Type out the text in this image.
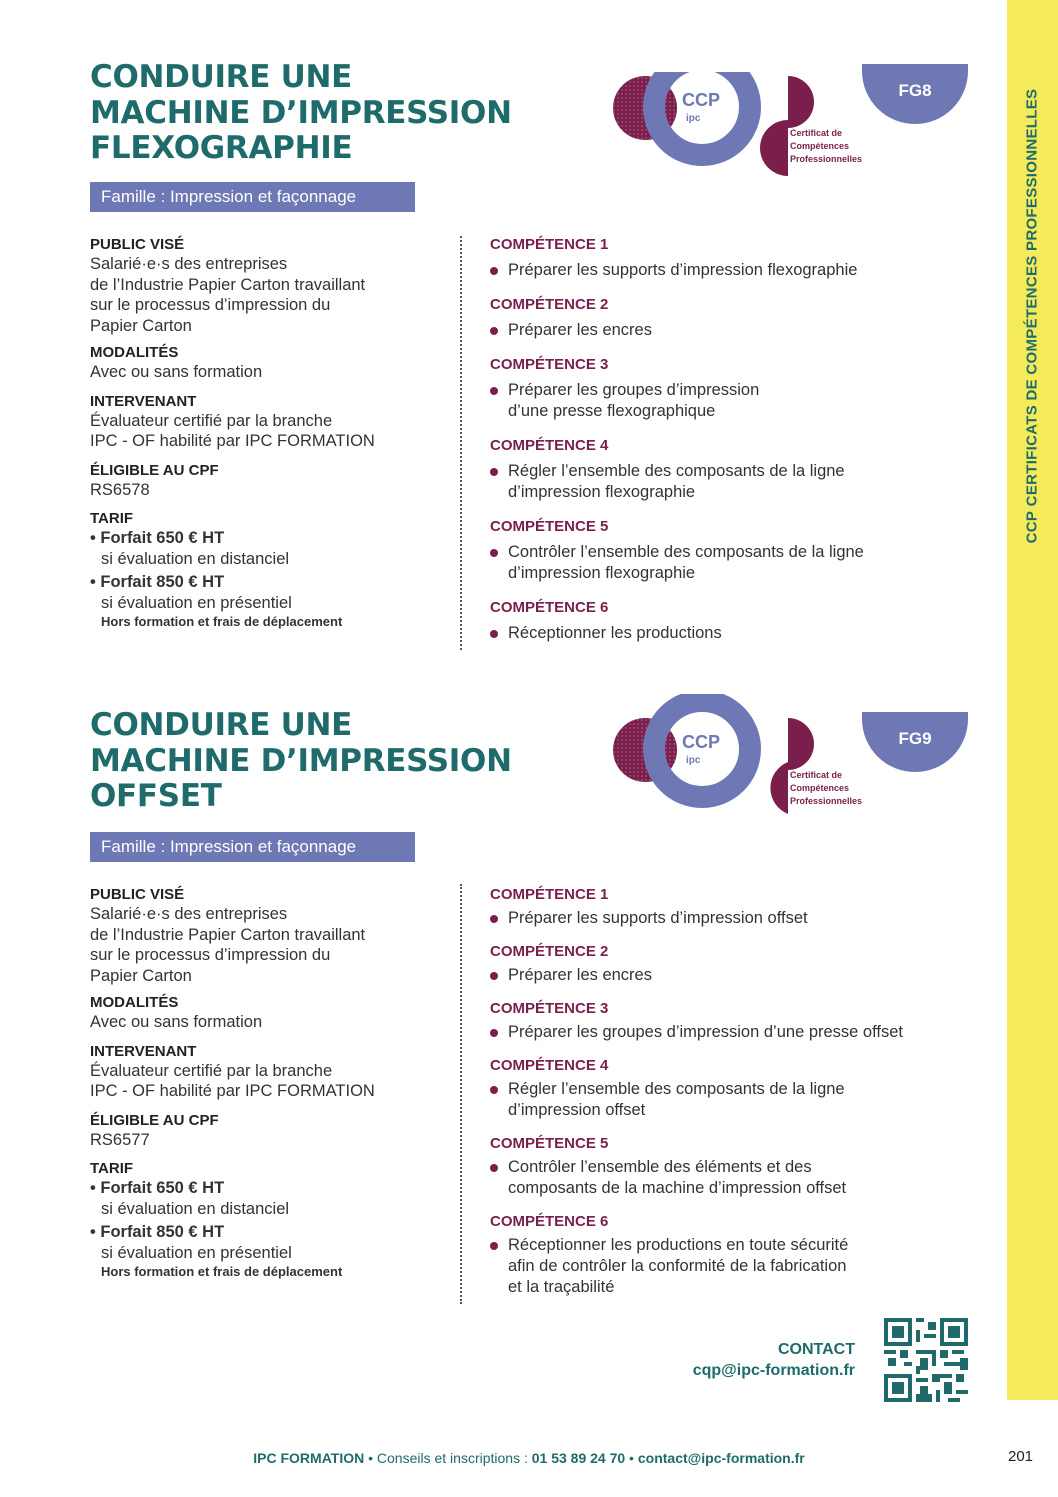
CCP CERTIFICATS DE COMPÉTENCES PROFESSIONNELLES
CONDUIRE UNE
MACHINE D’IMPRESSION
FLEXOGRAPHIE
CCP
ipc
Certificat de
Compétences
Professionnelles
FG8
Famille : Impression et façonnage

PUBLIC VISÉ

Salarié·e·s des entreprises

de l’Industrie Papier Carton travaillant

sur le processus d’impression du

Papier Carton

MODALITÉS

Avec ou sans formation

INTERVENANT

Évaluateur certifié par la branche

IPC - OF habilité par IPC FORMATION

ÉLIGIBLE AU CPF

RS6578

TARIF

• Forfait 650 € HT

si évaluation en distanciel

• Forfait 850 € HT

si évaluation en présentiel

Hors formation et frais de déplacement

COMPÉTENCE 1

Préparer les supports d’impression flexographie

COMPÉTENCE 2

Préparer les encres

COMPÉTENCE 3

Préparer les groupes d’impression
d’une presse flexographique

COMPÉTENCE 4

Régler l’ensemble des composants de la ligne
d’impression flexographie

COMPÉTENCE 5

Contrôler l’ensemble des composants de la ligne
d’impression flexographie

COMPÉTENCE 6

Réceptionner les productions

CONDUIRE UNE
MACHINE D’IMPRESSION
OFFSET
CCP
ipc
Certificat de
Compétences
Professionnelles
FG9
Famille : Impression et façonnage

PUBLIC VISÉ

Salarié·e·s des entreprises

de l’Industrie Papier Carton travaillant

sur le processus d’impression du

Papier Carton

MODALITÉS

Avec ou sans formation

INTERVENANT

Évaluateur certifié par la branche

IPC - OF habilité par IPC FORMATION

ÉLIGIBLE AU CPF

RS6577

TARIF

• Forfait 650 € HT

si évaluation en distanciel

• Forfait 850 € HT

si évaluation en présentiel

Hors formation et frais de déplacement

COMPÉTENCE 1

Préparer les supports d’impression offset

COMPÉTENCE 2

Préparer les encres

COMPÉTENCE 3

Préparer les groupes d’impression d’une presse offset

COMPÉTENCE 4

Régler l’ensemble des composants de la ligne
d’impression offset

COMPÉTENCE 5

Contrôler l’ensemble des éléments et des
composants de la machine d’impression offset

COMPÉTENCE 6

Réceptionner les productions en toute sécurité
afin de contrôler la conformité de la fabrication
et la traçabilité

CONTACT
cqp@ipc-formation.fr
IPC FORMATION • Conseils et inscriptions : 01 53 89 24 70 • contact@ipc-formation.fr	201
